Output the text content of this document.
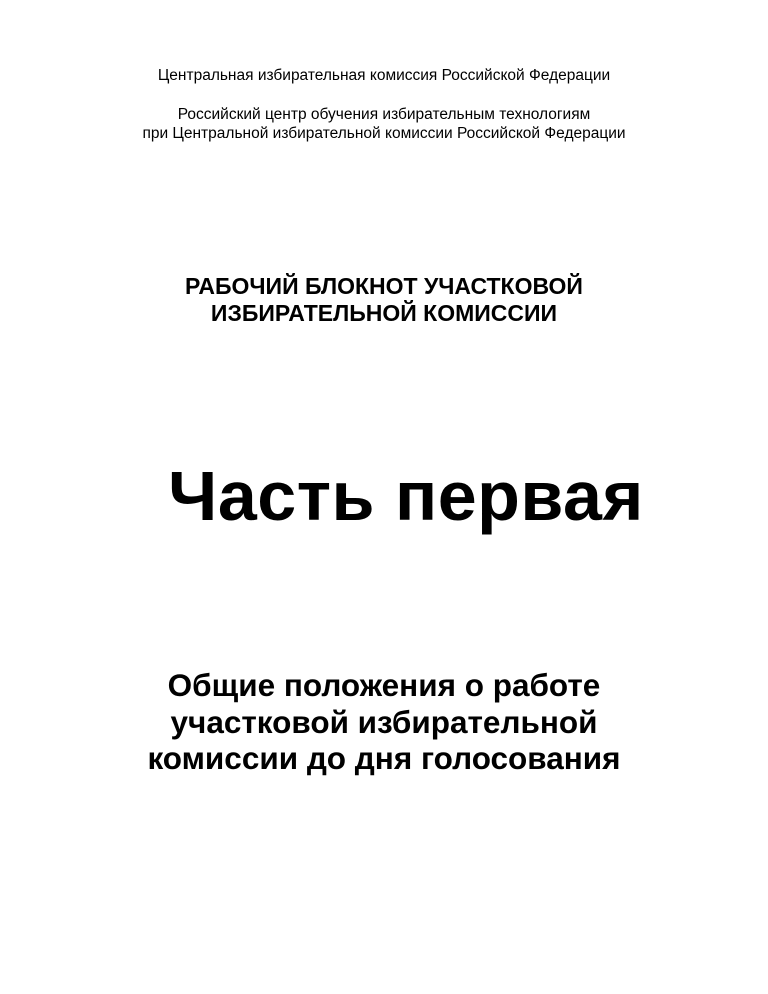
Центральная избирательная комиссия Российской Федерации

Российский центр обучения избирательным технологиям

при Центральной избирательной комиссии Российской Федерации

РАБОЧИЙ БЛОКНОТ УЧАСТКОВОЙ
ИЗБИРАТЕЛЬНОЙ КОМИССИИ
Часть первая
Общие положения о работе
участковой избирательной
комиссии до дня голосования
